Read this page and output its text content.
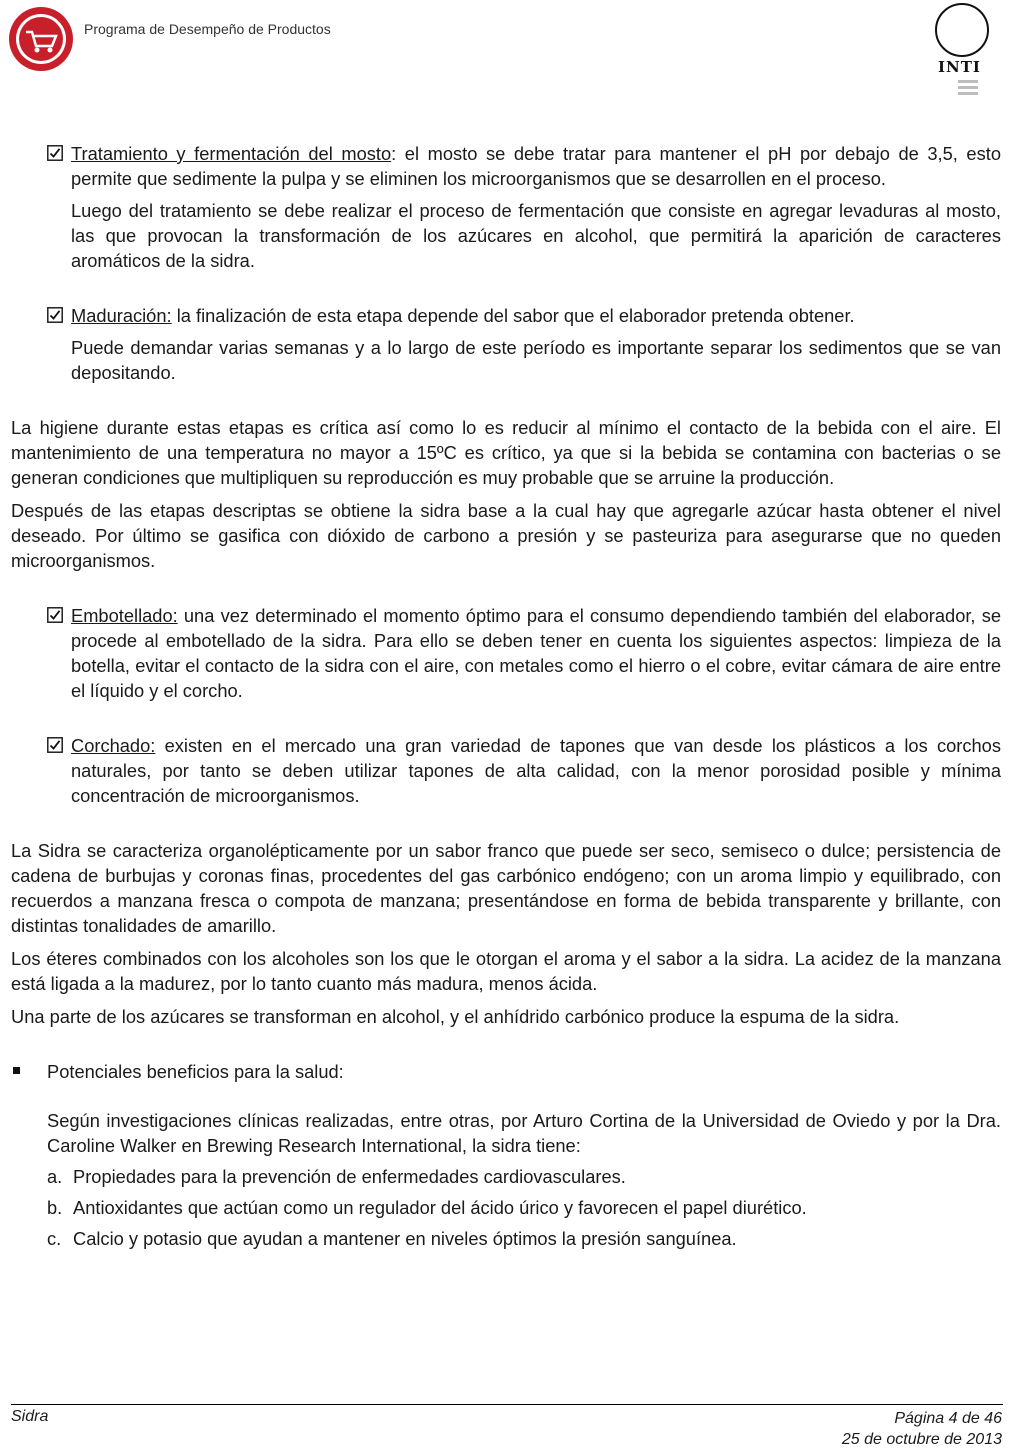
Programa de Desempeño de Productos
INTI

Tratamiento y fermentación del mosto: el mosto se debe tratar para mantener el pH por debajo de 3,5, esto permite que sedimente la pulpa y se eliminen los microorganismos que se desarrollen en el proceso.

Luego del tratamiento se debe realizar el proceso de fermentación que consiste en agregar levaduras al mosto, las que provocan la transformación de los azúcares en alcohol, que permitirá la aparición de caracteres aromáticos de la sidra.

Maduración: la finalización de esta etapa depende del sabor que el elaborador pretenda obtener.

Puede demandar varias semanas y a lo largo de este período es importante separar los sedimentos que se van depositando.

La higiene durante estas etapas es crítica así como lo es reducir al mínimo el contacto de la bebida con el aire. El mantenimiento de una temperatura no mayor a 15ºC es crítico, ya que si la bebida se contamina con bacterias o se generan condiciones que multipliquen su reproducción es muy probable que se arruine la producción.

Después de las etapas descriptas se obtiene la sidra base a la cual hay que agregarle azúcar hasta obtener el nivel deseado. Por último se gasifica con dióxido de carbono a presión y se pasteuriza para asegurarse que no queden microorganismos.

Embotellado: una vez determinado el momento óptimo para el consumo dependiendo también del elaborador, se procede al embotellado de la sidra. Para ello se deben tener en cuenta los siguientes aspectos: limpieza de la botella, evitar el contacto de la sidra con el aire, con metales como el hierro o el cobre, evitar cámara de aire entre el líquido y el corcho.

Corchado: existen en el mercado una gran variedad de tapones que van desde los plásticos a los corchos naturales, por tanto se deben utilizar tapones de alta calidad, con la menor porosidad posible y mínima concentración de microorganismos.

La Sidra se caracteriza organolépticamente por un sabor franco que puede ser seco, semiseco o dulce; persistencia de cadena de burbujas y coronas finas, procedentes del gas carbónico endógeno; con un aroma limpio y equilibrado, con recuerdos a manzana fresca o compota de manzana; presentándose en forma de bebida transparente y brillante, con distintas tonalidades de amarillo.

Los éteres combinados con los alcoholes son los que le otorgan el aroma y el sabor a la sidra. La acidez de la manzana está ligada a la madurez, por lo tanto cuanto más madura, menos ácida.

Una parte de los azúcares se transforman en alcohol, y el anhídrido carbónico produce la espuma de la sidra.

Potenciales beneficios para la salud:

Según investigaciones clínicas realizadas, entre otras, por Arturo Cortina de la Universidad de Oviedo y por la Dra. Caroline Walker en Brewing Research International, la sidra tiene:

a. Propiedades para la prevención de enfermedades cardiovasculares.

b. Antioxidantes que actúan como un regulador del ácido úrico y favorecen el papel diurético.

c. Calcio y potasio que ayudan a mantener en niveles óptimos la presión sanguínea.

Sidra	Página 4 de 46
25 de octubre de 2013
